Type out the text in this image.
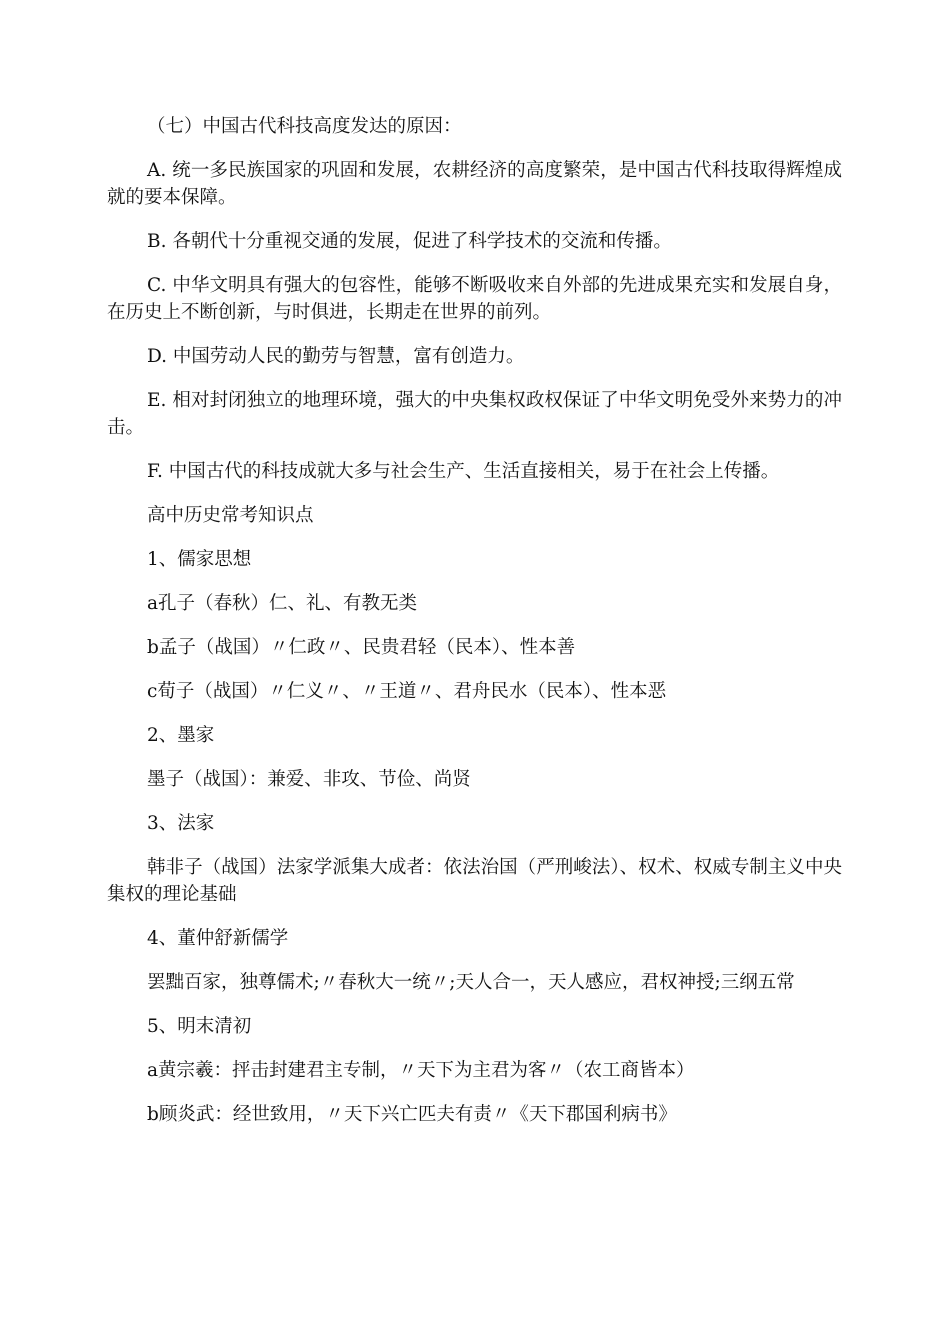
（七）中国古代科技高度发达的原因：

A. 统一多民族国家的巩固和发展，农耕经济的高度繁荣，是中国古代科技取得辉煌成就的要本保障。

B. 各朝代十分重视交通的发展，促进了科学技术的交流和传播。

C. 中华文明具有强大的包容性，能够不断吸收来自外部的先进成果充实和发展自身，在历史上不断创新，与时俱进，长期走在世界的前列。

D. 中国劳动人民的勤劳与智慧，富有创造力。

E. 相对封闭独立的地理环境，强大的中央集权政权保证了中华文明免受外来势力的冲击。

F. 中国古代的科技成就大多与社会生产、生活直接相关，易于在社会上传播。

高中历史常考知识点

1、儒家思想

a孔子（春秋）仁、礼、有教无类

b孟子（战国）〃仁政〃、民贵君轻（民本）、性本善

c荀子（战国）〃仁义〃、〃王道〃、君舟民水（民本）、性本恶

2、墨家

墨子（战国）：兼爱、非攻、节俭、尚贤

3、法家

韩非子（战国）法家学派集大成者：依法治国（严刑峻法）、权术、权威专制主义中央集权的理论基础

4、董仲舒新儒学

罢黜百家，独尊儒术;〃春秋大一统〃;天人合一，天人感应，君权神授;三纲五常

5、明末清初

a黄宗羲：抨击封建君主专制，〃天下为主君为客〃（农工商皆本）

b顾炎武：经世致用，〃天下兴亡匹夫有责〃《天下郡国利病书》
